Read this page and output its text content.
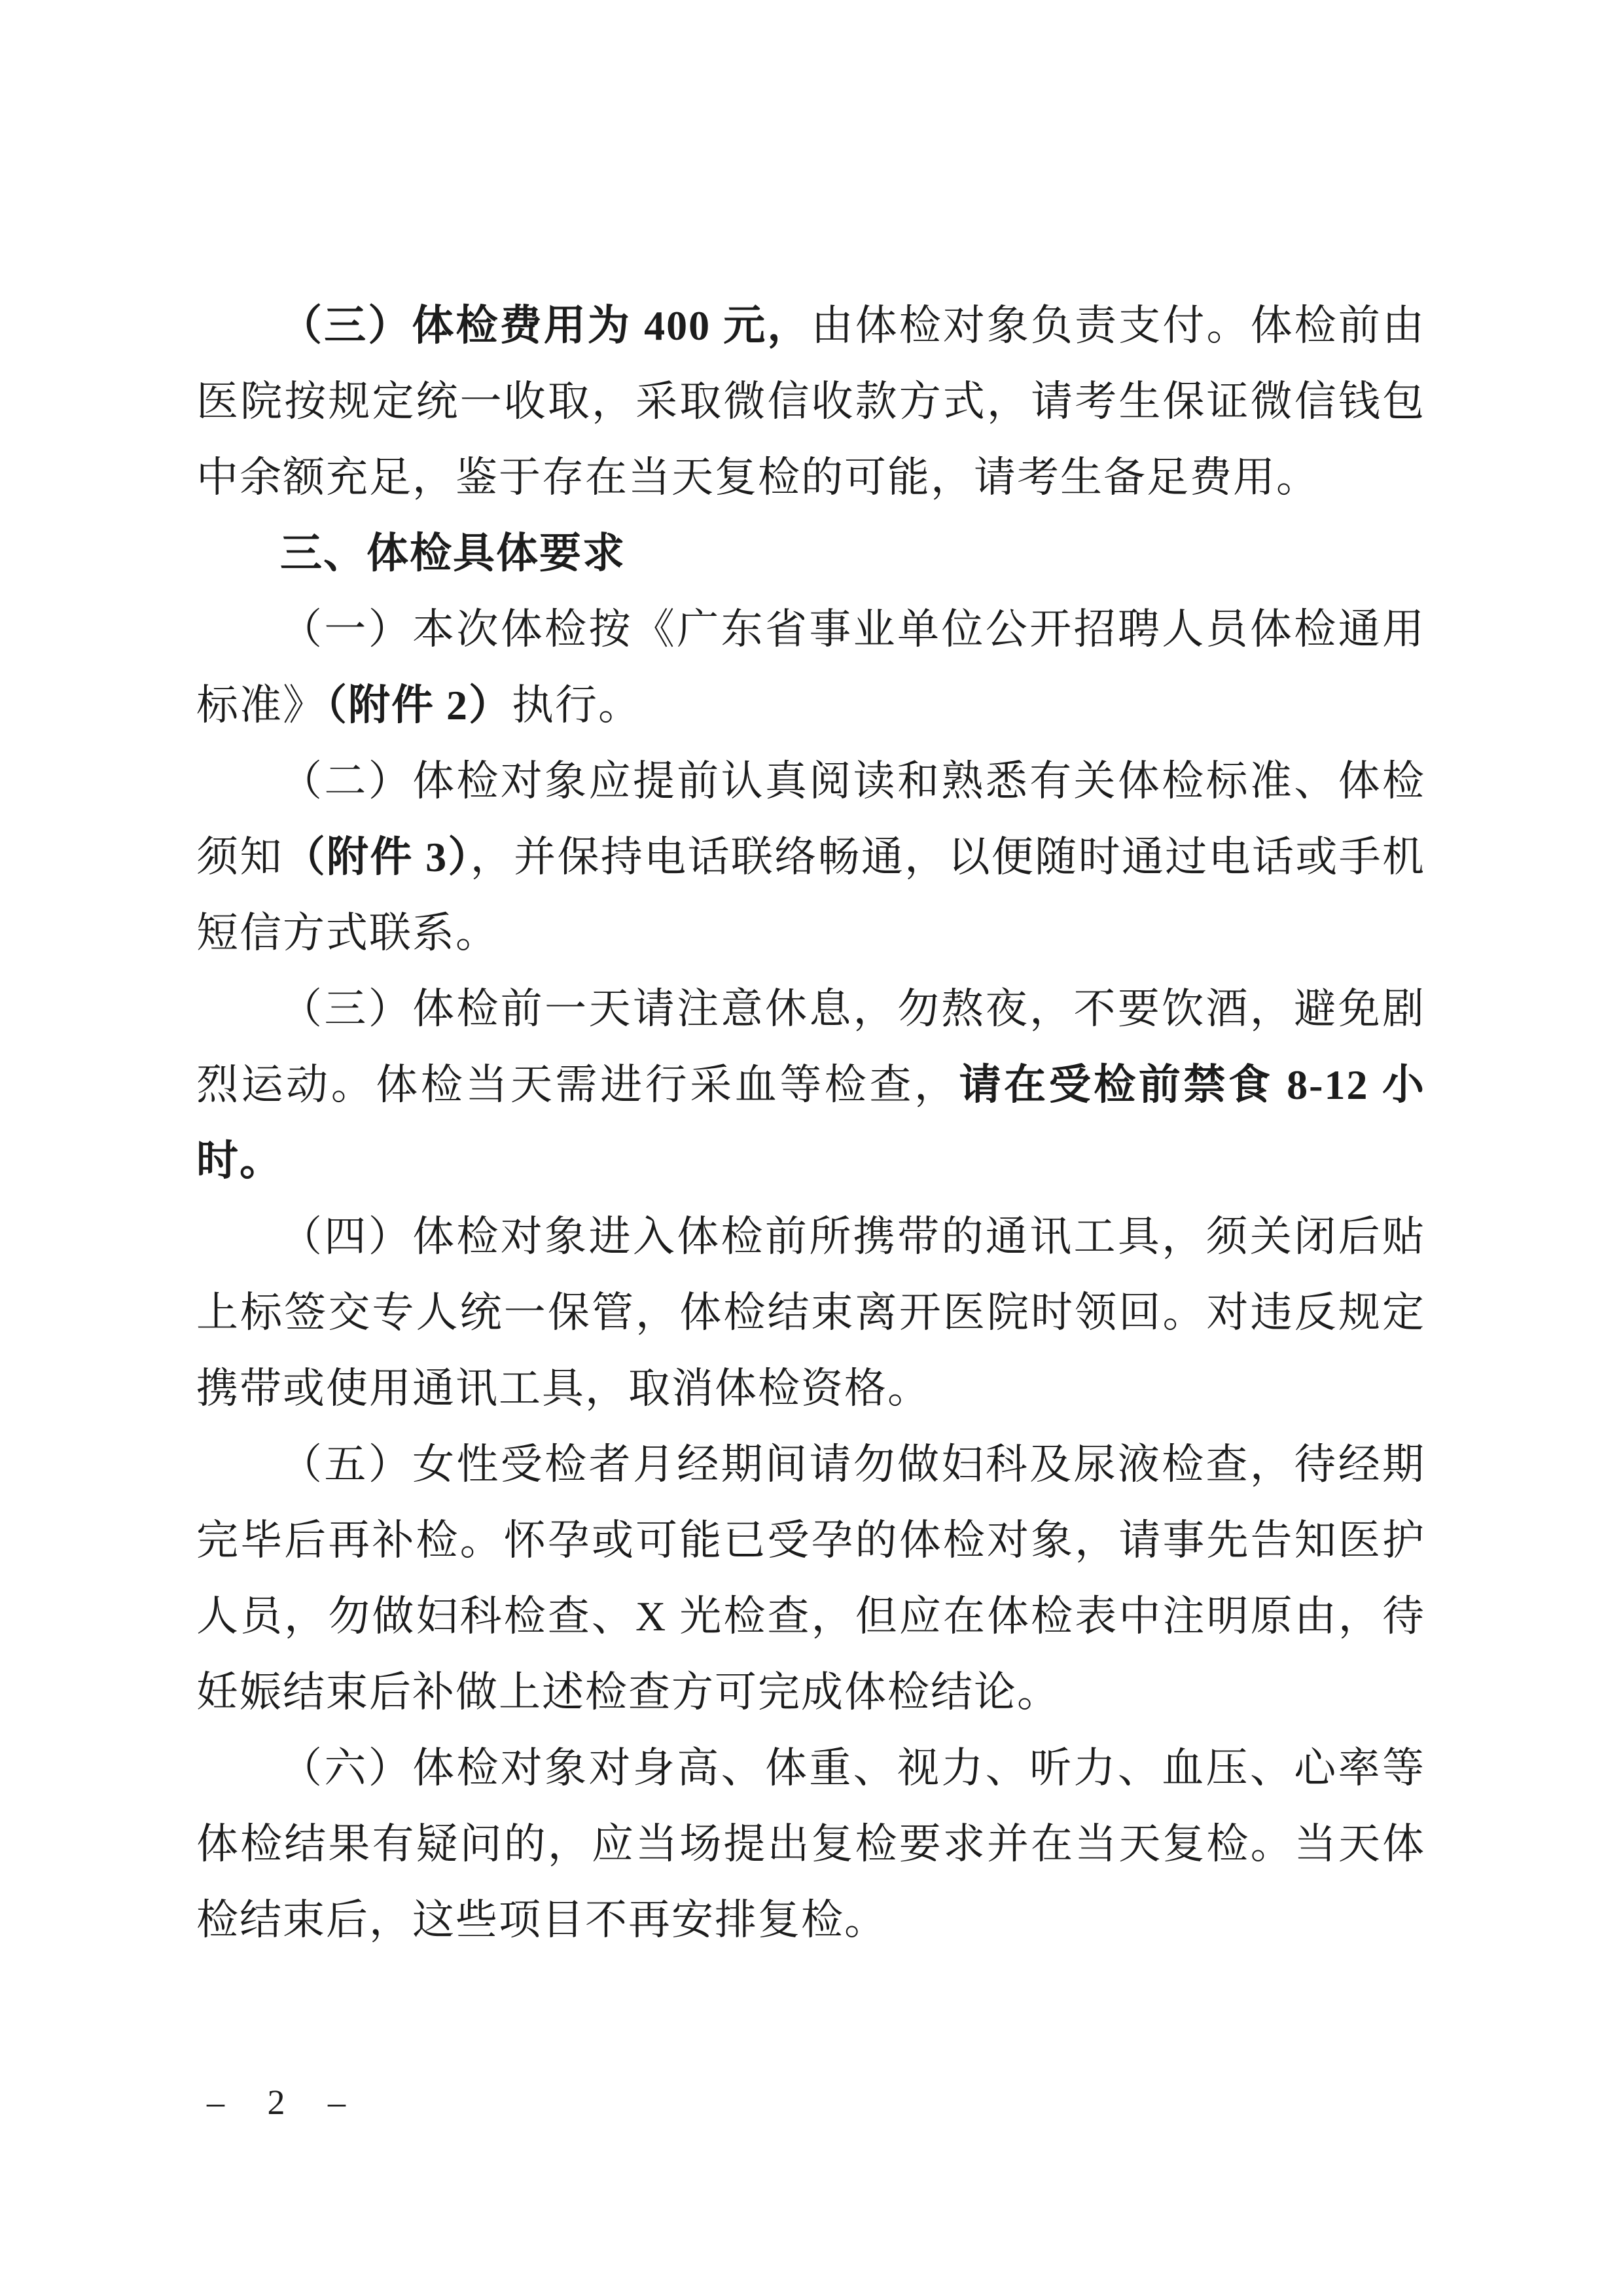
（三）体检费用为 400 元，由体检对象负责支付。体检前由医院按规定统一收取，采取微信收款方式，请考生保证微信钱包中余额充足，鉴于存在当天复检的可能，请考生备足费用。

三、体检具体要求

（一）本次体检按《广东省事业单位公开招聘人员体检通用标准》（附件 2）执行。

（二）体检对象应提前认真阅读和熟悉有关体检标准、体检须知（附件 3），并保持电话联络畅通，以便随时通过电话或手机短信方式联系。

（三）体检前一天请注意休息，勿熬夜，不要饮酒，避免剧烈运动。体检当天需进行采血等检查，请在受检前禁食 8-12 小时。

（四）体检对象进入体检前所携带的通讯工具，须关闭后贴上标签交专人统一保管，体检结束离开医院时领回。对违反规定携带或使用通讯工具，取消体检资格。

（五）女性受检者月经期间请勿做妇科及尿液检查，待经期完毕后再补检。怀孕或可能已受孕的体检对象，请事先告知医护人员，勿做妇科检查、X 光检查，但应在体检表中注明原由，待妊娠结束后补做上述检查方可完成体检结论。

（六）体检对象对身高、体重、视力、听力、血压、心率等体检结果有疑问的，应当场提出复检要求并在当天复检。当天体检结束后，这些项目不再安排复检。

– 2 –
